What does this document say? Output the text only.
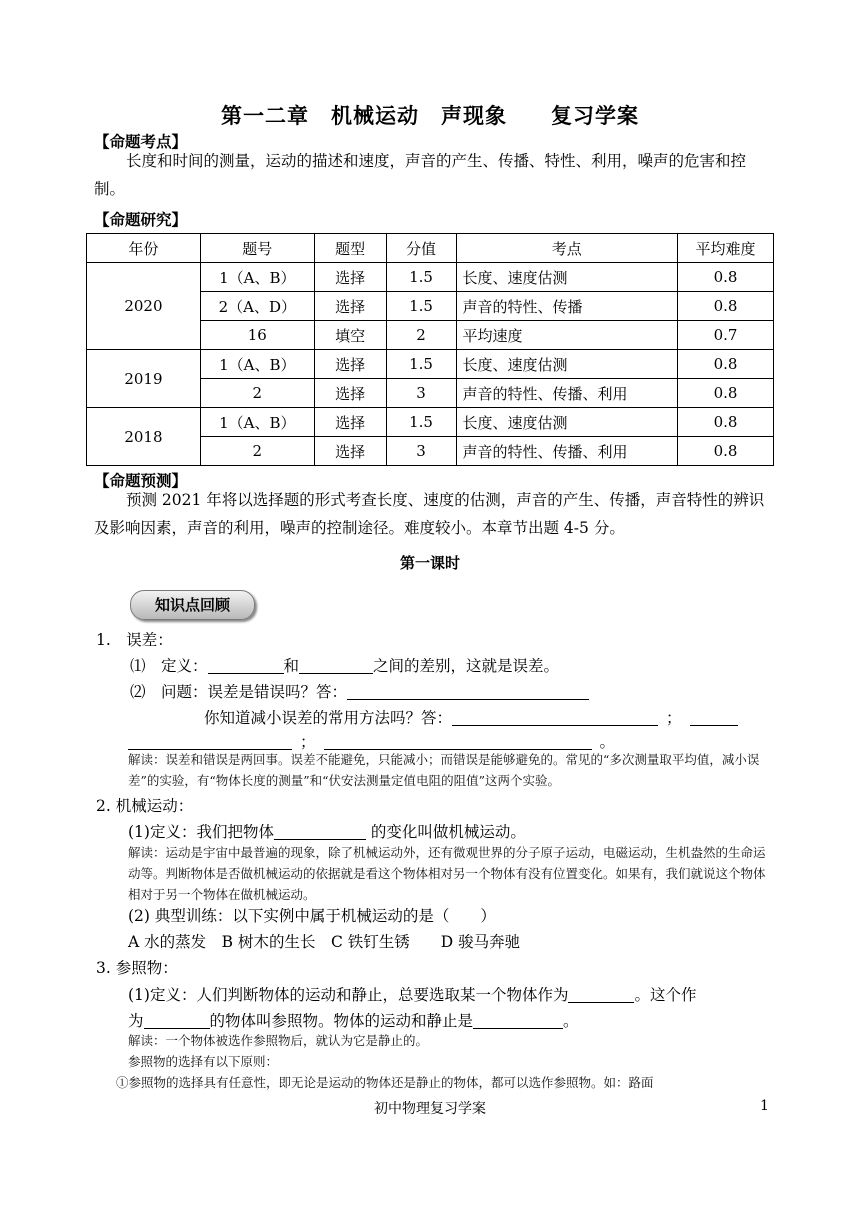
第一二章　机械运动　声现象　　复习学案
【命题考点】
长度和时间的测量，运动的描述和速度，声音的产生、传播、特性、利用，噪声的危害和控制。
【命题研究】
年份	题号	题型	分值	考点	平均难度
2020	1（A、B）	选择	1.5	长度、速度估测	0.8
	2（A、D）	选择	1.5	声音的特性、传播	0.8
	16	填空	2	平均速度	0.7
2019	1（A、B）	选择	1.5	长度、速度估测	0.8
	2	选择	3	声音的特性、传播、利用	0.8
2018	1（A、B）	选择	1.5	长度、速度估测	0.8
	2	选择	3	声音的特性、传播、利用	0.8
【命题预测】
预测 2021 年将以选择题的形式考查长度、速度的估测，声音的产生、传播，声音特性的辨识及影响因素，声音的利用，噪声的控制途径。难度较小。本章节出题 4-5 分。
第一课时
知识点回顾
1.　误差：
⑴　定义：	和	之间的差别，这就是误差。
⑵　问题：误差是错误吗？答：
你知道减小误差的常用方法吗？答：	；
；	。
解读：误差和错误是两回事。误差不能避免，只能减小；而错误是能够避免的。常见的“多次测量取平均值，减小误差”的实验，有“物体长度的测量”和“伏安法测量定值电阻的阻值”这两个实验。
2. 机械运动：
(1)定义：我们把物体	的变化叫做机械运动。
解读：运动是宇宙中最普遍的现象，除了机械运动外，还有微观世界的分子原子运动，电磁运动，生机盎然的生命运动等。判断物体是否做机械运动的依据就是看这个物体相对另一个物体有没有位置变化。如果有，我们就说这个物体相对于另一个物体在做机械运动。
(2) 典型训练：以下实例中属于机械运动的是（　　）
A 水的蒸发　B 树木的生长　C 铁钉生锈　　D 骏马奔驰
3. 参照物：
(1)定义：人们判断物体的运动和静止，总要选取某一个物体作为	。这个作
为	的物体叫参照物。物体的运动和静止是	。
解读：一个物体被选作参照物后，就认为它是静止的。
参照物的选择有以下原则：
①参照物的选择具有任意性，即无论是运动的物体还是静止的物体，都可以选作参照物。如：路面
初中物理复习学案	1
